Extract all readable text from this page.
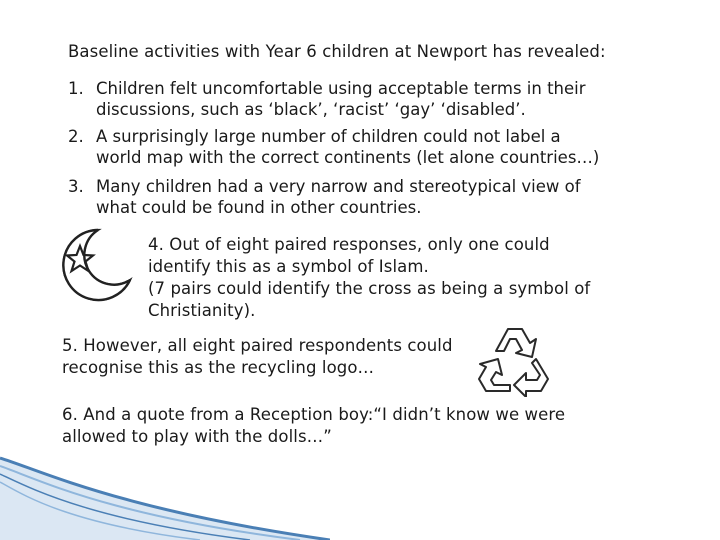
Baseline activities with Year 6 children at Newport has revealed:
1. Children felt uncomfortable using acceptable terms in their
discussions, such as ‘black’, ‘racist’ ‘gay’ ‘disabled’.
2. A surprisingly large number of children could not label a
world map with the correct continents (let alone countries…)
3. Many children had a very narrow and stereotypical view of
what could be found in other countries.
4. Out of eight paired responses, only one could
identify this as a symbol of Islam.
(7 pairs could identify the cross as being a symbol of
Christianity).
5. However, all eight paired respondents could
recognise this as the recycling logo…
6. And a quote from a Reception boy:“I didn’t know we were
allowed to play with the dolls…”
